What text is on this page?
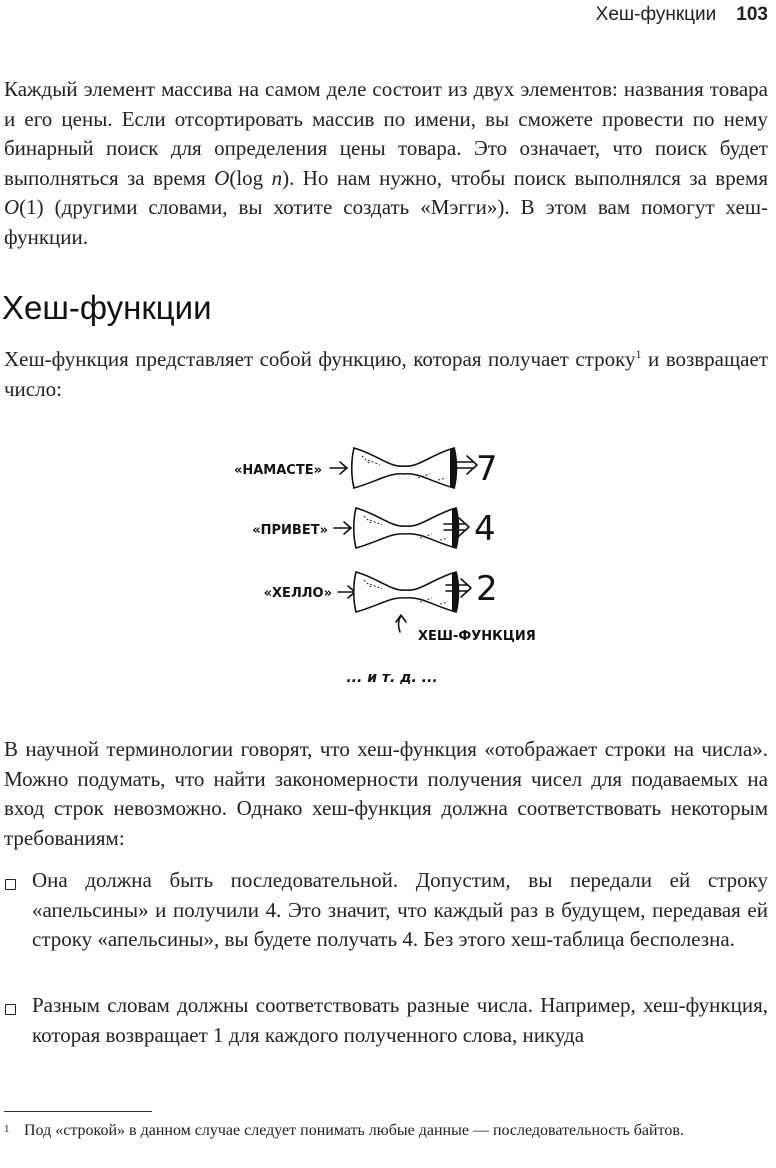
Хеш-функции 103

Каждый элемент массива на самом деле состоит из двух элементов: названия товара и его цены. Если отсортировать массив по имени, вы сможете провести по нему бинарный поиск для определения цены товара. Это означает, что поиск будет выполняться за время O(log n). Но нам нужно, чтобы поиск выполнялся за время O(1) (другими словами, вы хотите создать «Мэгги»). В этом вам помогут хеш-функции.

Хеш-функции

Хеш-функция представляет собой функцию, которая получает строку$^1$ и возвращает число:

«НАМАСТЕ»	7
«ПРИВЕТ»	4
«ХЕЛЛО»	2
ХЕШ-ФУНКЦИЯ
... и т. д. ...

В научной терминологии говорят, что хеш-функция «отображает строки на числа». Можно подумать, что найти закономерности получения чисел для подаваемых на вход строк невозможно. Однако хеш-функция должна соответствовать некоторым требованиям:

Она должна быть последовательной. Допустим, вы передали ей строку «апельсины» и получили 4. Это значит, что каждый раз в будущем, передавая ей строку «апельсины», вы будете получать 4. Без этого хеш-таблица бесполезна.
Разным словам должны соответствовать разные числа. Например, хеш-функция, которая возвращает 1 для каждого полученного слова, никуда
1 Под «строкой» в данном случае следует понимать любые данные — последовательность байтов.
